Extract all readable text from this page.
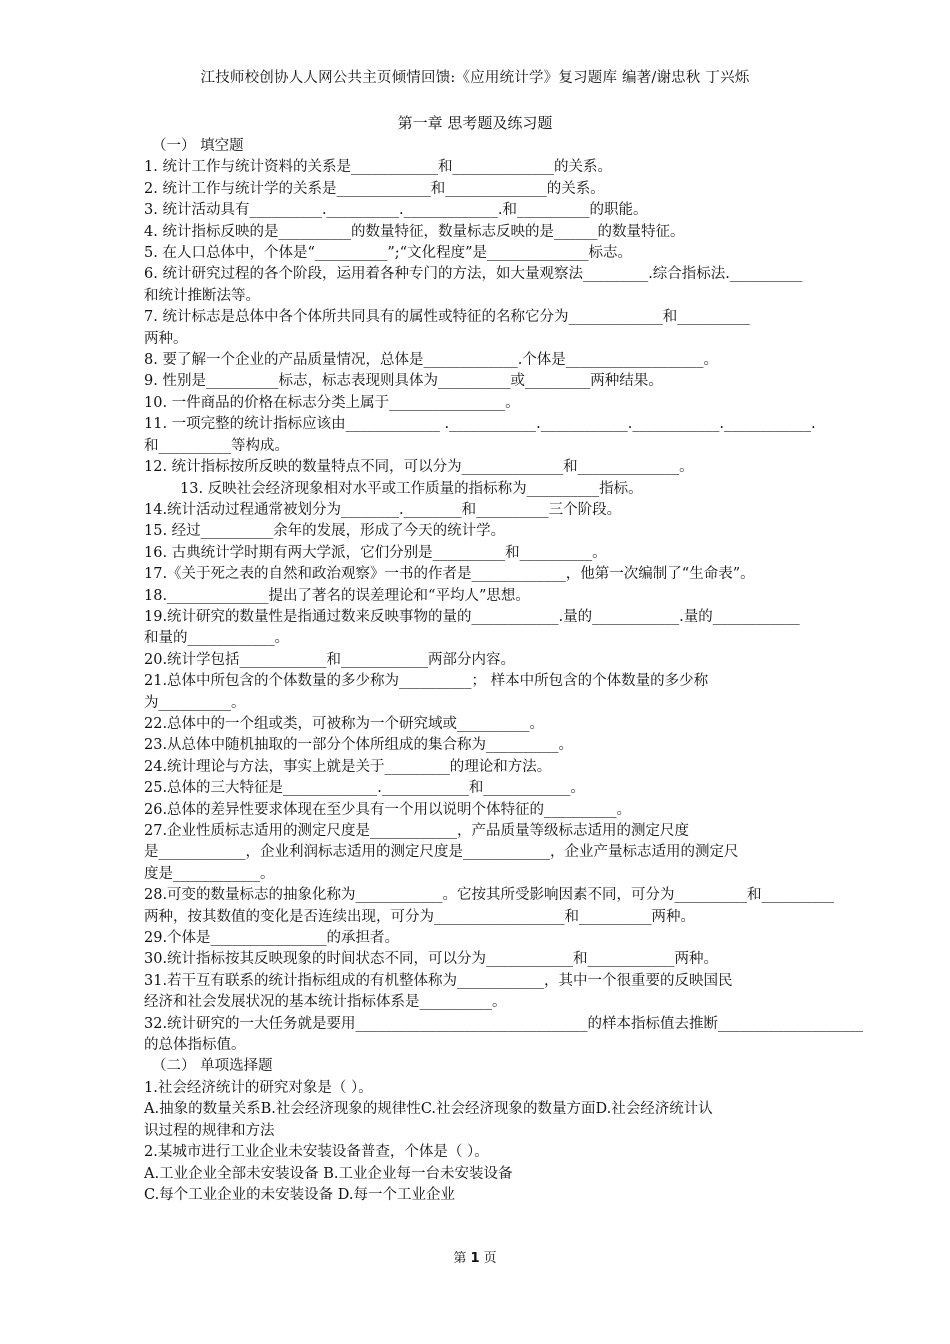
江技师校创协人人网公共主页倾情回馈:《应用统计学》复习题库 编著/谢忠秋 丁兴烁
第一章 思考题及练习题
（一） 填空题
1. 统计工作与统计资料的关系是____________和______________的关系。
2. 统计工作与统计学的关系是_____________和______________的关系。
3. 统计活动具有__________.__________._____________.和__________的职能。
4. 统计指标反映的是__________的数量特征，数量标志反映的是______的数量特征。
5. 在人口总体中，个体是“__________”;“文化程度”是______________标志。
6. 统计研究过程的各个阶段，运用着各种专门的方法，如大量观察法_________.综合指标法.__________
和统计推断法等。
7. 统计标志是总体中各个体所共同具有的属性或特征的名称它分为_____________和__________
两种。
8. 要了解一个企业的产品质量情况，总体是_____________.个体是___________________。
9. 性别是__________标志，标志表现则具体为__________或_________两种结果。
10. 一件商品的价格在标志分类上属于________________。
11. 一项完整的统计指标应该由_____________ .____________.____________.____________.____________.
和__________等构成。
12. 统计指标按所反映的数量特点不同，可以分为______________和______________。
13. 反映社会经济现象相对水平或工作质量的指标称为__________指标。
14.统计活动过程通常被划分为________.________和__________三个阶段。
15. 经过__________余年的发展，形成了今天的统计学。
16. 古典统计学时期有两大学派，它们分别是__________和__________。
17.《关于死之表的自然和政治观察》一书的作者是_____________，他第一次编制了“生命表”。
18.______________提出了著名的误差理论和“平均人”思想。
19.统计研究的数量性是指通过数来反映事物的量的____________.量的____________.量的____________
和量的____________。
20.统计学包括____________和____________两部分内容。
21.总体中所包含的个体数量的多少称为__________； 样本中所包含的个体数量的多少称
为__________。
22.总体中的一个组或类，可被称为一个研究域或__________。
23.从总体中随机抽取的一部分个体所组成的集合称为__________。
24.统计理论与方法，事实上就是关于_________的理论和方法。
25.总体的三大特征是_____________.____________和____________。
26.总体的差异性要求体现在至少具有一个用以说明个体特征的__________。
27.企业性质标志适用的测定尺度是____________，产品质量等级标志适用的测定尺度
是____________，企业利润标志适用的测定尺度是____________，企业产量标志适用的测定尺
度是____________。
28.可变的数量标志的抽象化称为____________。它按其所受影响因素不同，可分为__________和__________
两种，按其数值的变化是否连续出现，可分为__________________和__________两种。
29.个体是________________的承担者。
30.统计指标按其反映现象的时间状态不同，可以分为____________和____________两种。
31.若干互有联系的统计指标组成的有机整体称为____________，其中一个很重要的反映国民
经济和社会发展状况的基本统计指标体系是__________。
32.统计研究的一大任务就是要用________________________________的样本指标值去推断____________________
的总体指标值。
（二） 单项选择题
1.社会经济统计的研究对象是（ ）。
A.抽象的数量关系B.社会经济现象的规律性C.社会经济现象的数量方面D.社会经济统计认
识过程的规律和方法
2.某城市进行工业企业未安装设备普查，个体是（ ）。
A.工业企业全部未安装设备 B.工业企业每一台未安装设备
C.每个工业企业的未安装设备 D.每一个工业企业
第 1 页
